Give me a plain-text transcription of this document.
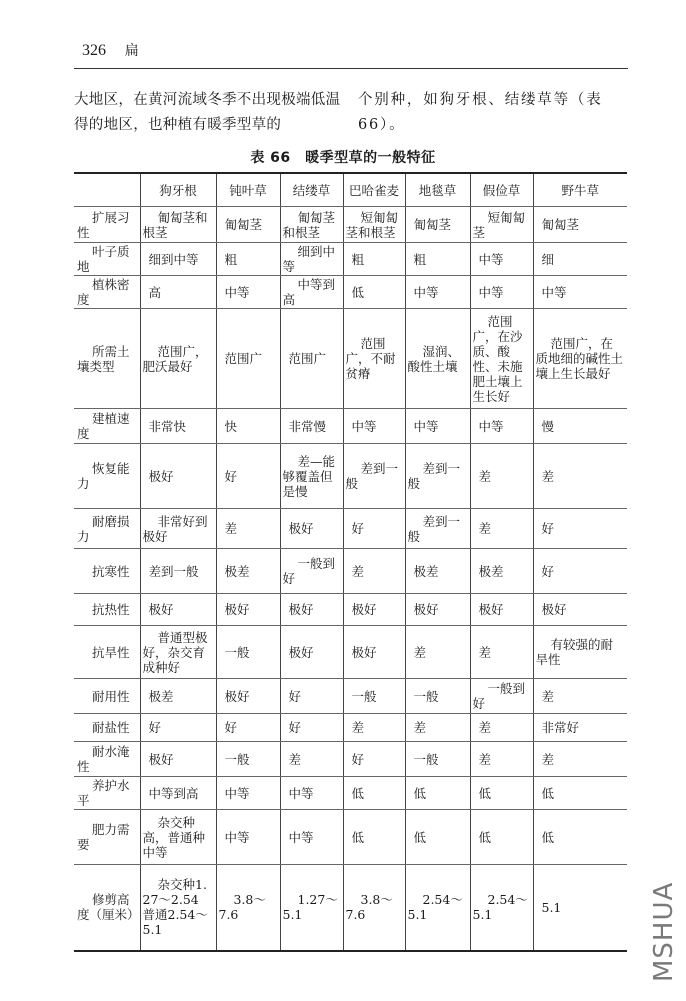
326 扁
大地区，在黄河流域冬季不出现极端低温得的地区，也种植有暖季型草的
个别种，如狗牙根、结缕草等（表66）。
表 66　暖季型草的一般特征
	狗牙根	钝叶草	结缕草	巴哈雀麦	地毯草	假俭草	野牛草
扩展习性	匍匐茎和根茎	匍匐茎	匍匐茎和根茎	短匍匐茎和根茎	匍匐茎	短匍匐茎	匍匐茎
叶子质地	细到中等	粗	细到中等	粗	粗	中等	细
植株密度	高	中等	中等到高	低	中等	中等	中等
所需土壤类型	范围广，肥沃最好	范围广	范围广	范围广，不耐贫瘠	湿润、酸性土壤	范围广，在沙质、酸性、未施肥土壤上生长好	范围广，在质地细的碱性土壤上生长最好
建植速度	非常快	快	非常慢	中等	中等	中等	慢
恢复能力	极好	好	差—能够覆盖但是慢	差到一般	差到一般	差	差
耐磨损力	非常好到极好	差	极好	好	差到一般	差	好
抗寒性	差到一般	极差	一般到好	差	极差	极差	好
抗热性	极好	极好	极好	极好	极好	极好	极好
抗旱性	普通型极好，杂交育成种好	一般	极好	极好	差	差	有较强的耐旱性
耐用性	极差	极好	好	一般	一般	一般到好	差
耐盐性	好	好	好	差	差	差	非常好
耐水淹性	极好	一般	差	好	一般	差	差
养护水平	中等到高	中等	中等	低	低	低	低
肥力需要	杂交种高，普通种中等	中等	中等	低	低	低	低
修剪高度（厘米）	杂交种1.27～2.54 普通2.54～5.1	3.8～7.6	1.27～5.1	3.8～7.6	2.54～5.1	2.54～5.1	5.1	MSHUA
